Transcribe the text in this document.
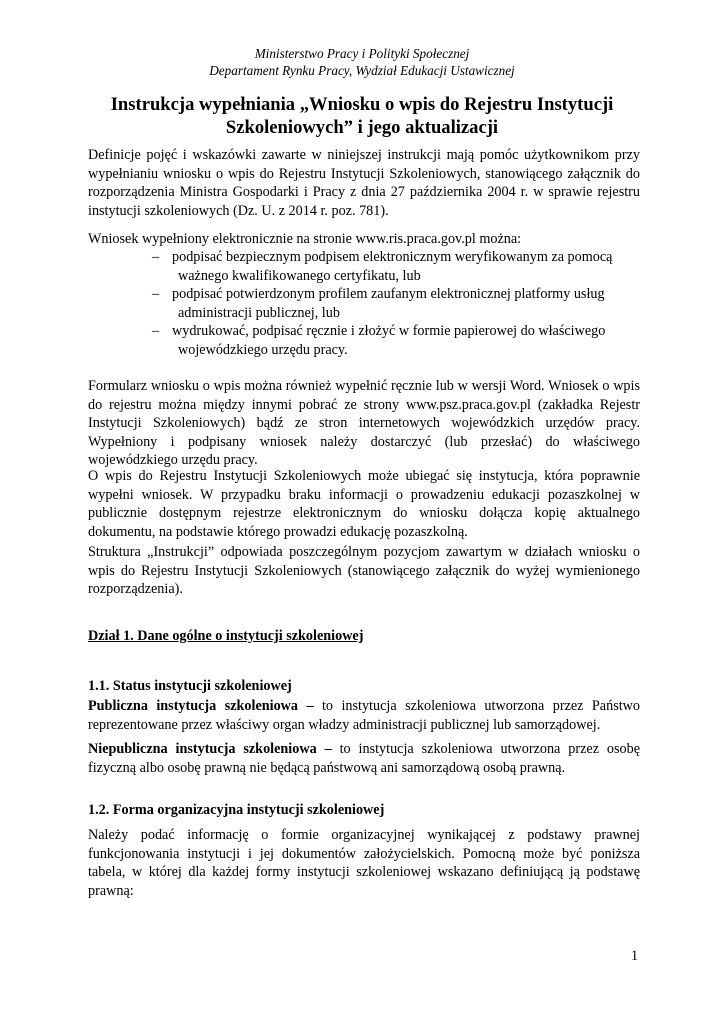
Ministerstwo Pracy i Polityki Społecznej
Departament Rynku Pracy, Wydział Edukacji Ustawicznej
Instrukcja wypełniania „Wniosku o wpis do Rejestru Instytucji
Szkoleniowych” i jego aktualizacji

Definicje pojęć i wskazówki zawarte w niniejszej instrukcji mają pomóc użytkownikom przy wypełnianiu wniosku o wpis do Rejestru Instytucji Szkoleniowych, stanowiącego załącznik do rozporządzenia Ministra Gospodarki i Pracy z dnia 27 października 2004 r. w sprawie rejestru instytucji szkoleniowych (Dz. U. z 2014 r. poz. 781).

Wniosek wypełniony elektronicznie na stronie www.ris.praca.gov.pl można:

– podpisać bezpiecznym podpisem elektronicznym weryfikowanym za pomocą
ważnego kwalifikowanego certyfikatu, lub
– podpisać potwierdzonym profilem zaufanym elektronicznej platformy usług
administracji publicznej, lub
– wydrukować, podpisać ręcznie i złożyć w formie papierowej do właściwego
wojewódzkiego urzędu pracy.

Formularz wniosku o wpis można również wypełnić ręcznie lub w wersji Word. Wniosek o wpis do rejestru można między innymi pobrać ze strony www.psz.praca.gov.pl (zakładka Rejestr Instytucji Szkoleniowych) bądź ze stron internetowych wojewódzkich urzędów pracy. Wypełniony i podpisany wniosek należy dostarczyć (lub przesłać) do właściwego wojewódzkiego urzędu pracy.

O wpis do Rejestru Instytucji Szkoleniowych może ubiegać się instytucja, która poprawnie wypełni wniosek. W przypadku braku informacji o prowadzeniu edukacji pozaszkolnej w publicznie dostępnym rejestrze elektronicznym do wniosku dołącza kopię aktualnego dokumentu, na podstawie którego prowadzi edukację pozaszkolną.

Struktura „Instrukcji” odpowiada poszczególnym pozycjom zawartym w działach wniosku o wpis do Rejestru Instytucji Szkoleniowych (stanowiącego załącznik do wyżej wymienionego rozporządzenia).

Dział 1. Dane ogólne o instytucji szkoleniowej

1.1. Status instytucji szkoleniowej

Publiczna instytucja szkoleniowa – to instytucja szkoleniowa utworzona przez Państwo reprezentowane przez właściwy organ władzy administracji publicznej lub samorządowej.

Niepubliczna instytucja szkoleniowa – to instytucja szkoleniowa utworzona przez osobę fizyczną albo osobę prawną nie będącą państwową ani samorządową osobą prawną.

1.2. Forma organizacyjna instytucji szkoleniowej

Należy podać informację o formie organizacyjnej wynikającej z podstawy prawnej funkcjonowania instytucji i jej dokumentów założycielskich. Pomocną może być poniższa tabela, w której dla każdej formy instytucji szkoleniowej wskazano definiującą ją podstawę prawną:

1
